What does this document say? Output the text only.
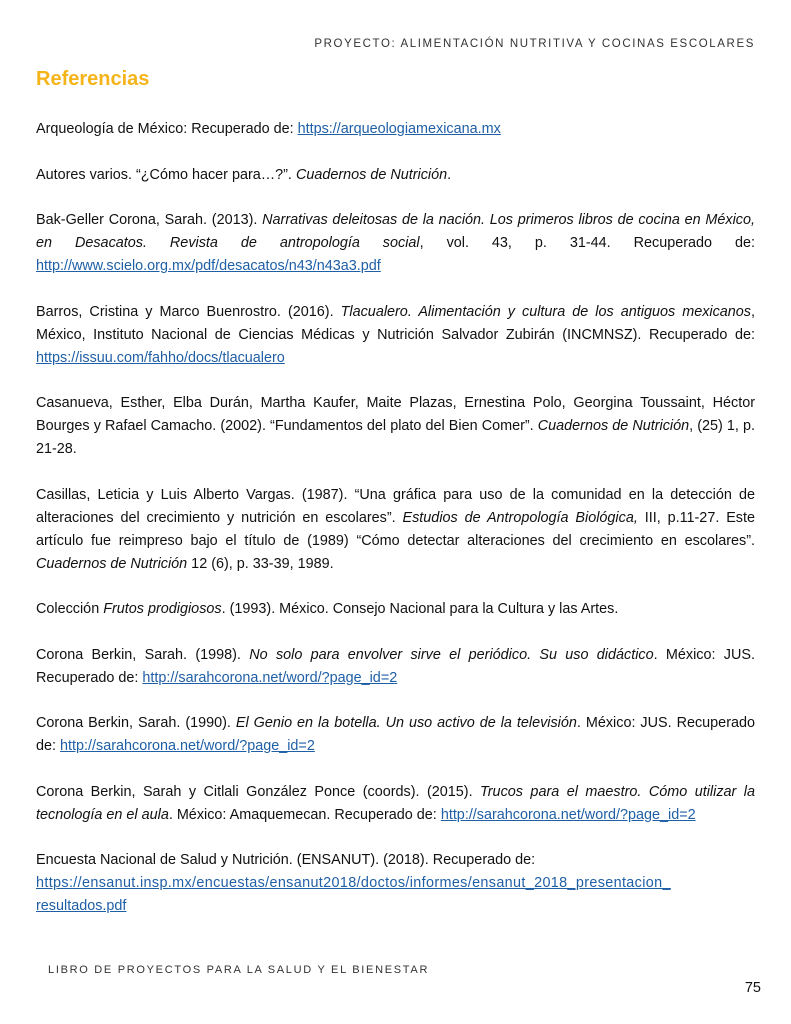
PROYECTO: ALIMENTACIÓN NUTRITIVA Y COCINAS ESCOLARES
Referencias

Arqueología de México: Recuperado de: https://arqueologiamexicana.mx

Autores varios. “¿Cómo hacer para…?”. Cuadernos de Nutrición.

Bak-Geller Corona, Sarah. (2013). Narrativas deleitosas de la nación. Los primeros libros de cocina en México, en Desacatos. Revista de antropología social, vol. 43, p. 31-44. Recuperado de: http://www.scielo.org.mx/pdf/desacatos/n43/n43a3.pdf

Barros, Cristina y Marco Buenrostro. (2016). Tlacualero. Alimentación y cultura de los antiguos mexicanos, México, Instituto Nacional de Ciencias Médicas y Nutrición Salvador Zubirán (INCMNSZ). Recuperado de: https://issuu.com/fahho/docs/tlacualero

Casanueva, Esther, Elba Durán, Martha Kaufer, Maite Plazas, Ernestina Polo, Georgina Toussaint, Héctor Bourges y Rafael Camacho. (2002). “Fundamentos del plato del Bien Comer”. Cuadernos de Nutrición, (25) 1, p. 21-28.

Casillas, Leticia y Luis Alberto Vargas. (1987). “Una gráfica para uso de la comunidad en la detección de alteraciones del crecimiento y nutrición en escolares”. Estudios de Antropología Biológica, III, p.11-27. Este artículo fue reimpreso bajo el título de (1989) “Cómo detectar alteraciones del crecimiento en escolares”. Cuadernos de Nutrición 12 (6), p. 33-39, 1989.

Colección Frutos prodigiosos. (1993). México. Consejo Nacional para la Cultura y las Artes.

Corona Berkin, Sarah. (1998). No solo para envolver sirve el periódico. Su uso didáctico. México: JUS. Recuperado de: http://sarahcorona.net/word/?page_id=2

Corona Berkin, Sarah. (1990). El Genio en la botella. Un uso activo de la televisión. México: JUS. Recuperado de: http://sarahcorona.net/word/?page_id=2

Corona Berkin, Sarah y Citlali González Ponce (coords). (2015). Trucos para el maestro. Cómo utilizar la tecnología en el aula. México: Amaquemecan. Recuperado de: http://sarahcorona.net/word/?page_id=2

Encuesta Nacional de Salud y Nutrición. (ENSANUT). (2018). Recuperado de:
https://ensanut.insp.mx/encuestas/ensanut2018/doctos/informes/ensanut_2018_presentacion_
resultados.pdf

LIBRO DE PROYECTOS PARA LA SALUD Y EL BIENESTAR
75
